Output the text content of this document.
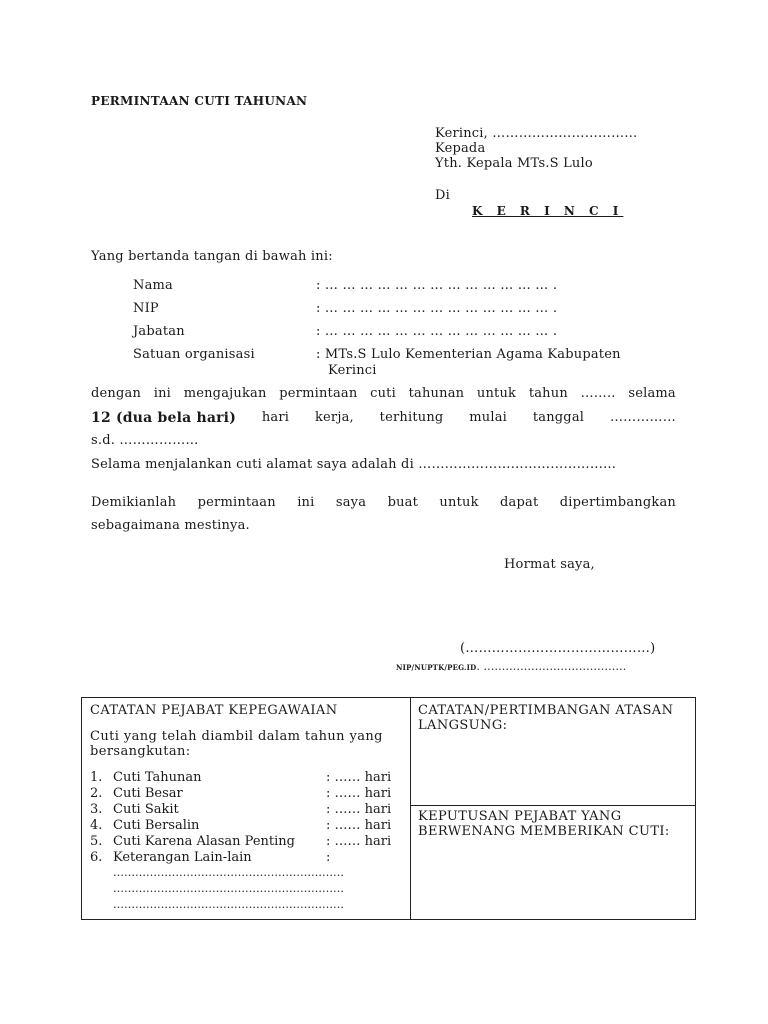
PERMINTAAN CUTI TAHUNAN
Kerinci, ……………………………
Kepada
Yth. Kepala MTs.S Lulo
Di
K E R I N C I
Yang bertanda tangan di bawah ini:
Nama	: … … … … … … … … … … … … … .
NIP	: … … … … … … … … … … … … … .
Jabatan	: … … … … … … … … … … … … … .
Satuan organisasi	: MTs.S Lulo Kementerian Agama Kabupaten
Kerinci
dengan ini mengajukan permintaan cuti tahunan untuk tahun …….. selama
12 (dua bela hari) hari kerja, terhitung mulai tanggal ……………
s.d. ………………
Selama menjalankan cuti alamat saya adalah di ………………………………………
Demikianlah permintaan ini saya buat untuk dapat dipertimbangkan
sebagaimana mestinya.
Hormat saya,
(……………………………………)
NIP/NUPTK/PEG.ID. …………………………………
CATATAN PEJABAT KEPEGAWAIAN
Cuti yang telah diambil dalam tahun yang
bersangkutan:
1. Cuti Tahunan	: …… hari
2. Cuti Besar	: …… hari
3. Cuti Sakit	: …… hari
4. Cuti Bersalin	: …… hari
5. Cuti Karena Alasan Penting : …… hari
6. Keterangan Lain-lain	:
………………………………………………………
………………………………………………………
………………………………………………………
CATATAN/PERTIMBANGAN ATASAN
LANGSUNG:
KEPUTUSAN PEJABAT YANG
BERWENANG MEMBERIKAN CUTI:
